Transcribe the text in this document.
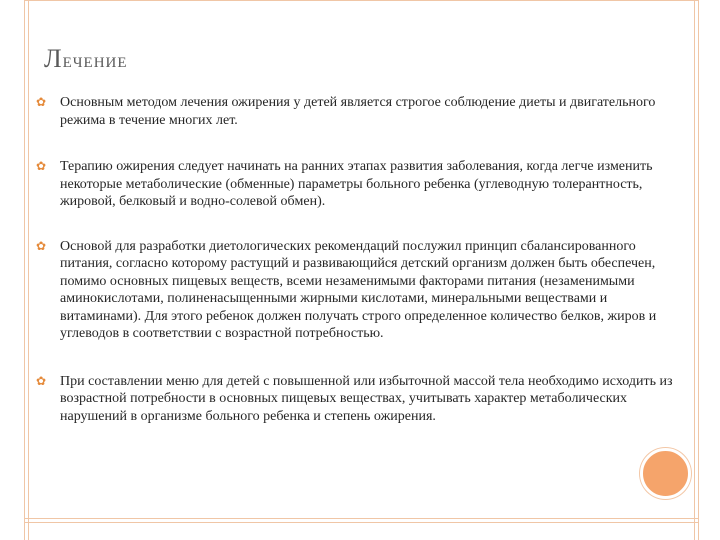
Лечение
✿ Основным методом лечения ожирения у детей является строгое соблюдение диеты и двигательного режима в течение многих лет.
✿ Терапию ожирения следует начинать на ранних этапах развития заболевания, когда легче изменить некоторые метаболические (обменные) параметры больного ребенка (углеводную толерантность, жировой, белковый и водно-солевой обмен).
✿ Основой для разработки диетологических рекомендаций послужил принцип сбалансированного питания, согласно которому растущий и развивающийся детский организм должен быть обеспечен, помимо основных пищевых веществ, всеми незаменимыми факторами питания (незаменимыми аминокислотами, полиненасыщенными жирными кислотами, минеральными веществами и витаминами). Для этого ребенок должен получать строго определенное количество белков, жиров и углеводов в соответствии с возрастной потребностью.
✿ При составлении меню для детей с повышенной или избыточной массой тела необходимо исходить из возрастной потребности в основных пищевых веществах, учитывать характер метаболических нарушений в организме больного ребенка и степень ожирения.
